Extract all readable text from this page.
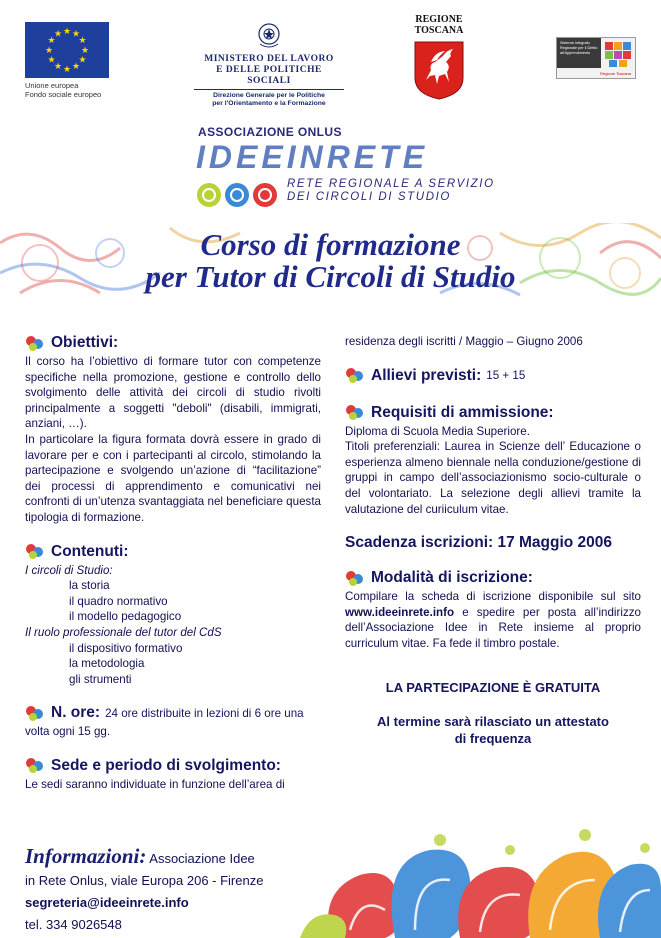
★ ★
★
★
★
★
★
★
★
★
★
★
Unione europea
Fondo sociale europeo
MINISTERO DEL LAVORO
E DELLE POLITICHE SOCIALI
Direzione Generale per le Politiche
per l'Orientamento e la Formazione
REGIONE
TOSCANA
Sistema Integrato Regionale per il Diritto all'Apprendimento
Regione Toscana
ASSOCIAZIONE ONLUS
IDEEINRETE
RETE REGIONALE A SERVIZIO
DEI CIRCOLI DI STUDIO
Corso di formazione
per Tutor di Circoli di Studio
Obiettivi:
Il corso ha l’obiettivo di formare tutor con competenze specifiche nella promozione, gestione e controllo dello svolgimento delle attività dei circoli di studio rivolti principalmente a soggetti "deboli" (disabili, immigrati, anziani, …).
In particolare la figura formata dovrà essere in grado di lavorare per e con i partecipanti al circolo, stimolando la partecipazione e svolgendo un’azione di “facilitazione” dei processi di apprendimento e comunicativi nei confronti di un’utenza svantaggiata nel beneficiare questa tipologia di formazione.
Contenuti:
I circoli di Studio:
la storia
il quadro normativo
il modello pedagogico
Il ruolo professionale del tutor del CdS
il dispositivo formativo
la metodologia
gli strumenti
N. ore: 24 ore distribuite in lezioni di 6 ore una
volta ogni 15 gg.
Sede e periodo di svolgimento:
Le sedi saranno individuate in funzione dell’area di
residenza degli iscritti / Maggio – Giugno 2006
Allievi previsti: 15 + 15
Requisiti di ammissione:
Diploma di Scuola Media Superiore.
Titoli preferenziali: Laurea in Scienze dell’ Educazione o esperienza almeno biennale nella conduzione/gestione di gruppi in campo dell’associazionismo socio-culturale o del volontariato. La selezione degli allievi tramite la valutazione del curiiculum vitae.
Scadenza iscrizioni: 17 Maggio 2006
Modalità di iscrizione:
Compilare la scheda di iscrizione disponibile sul sito www.ideeinrete.info e spedire per posta all’indirizzo dell’Associazione Idee in Rete insieme al proprio curriculum vitae. Fa fede il timbro postale.
LA PARTECIPAZIONE È GRATUITA
Al termine sarà rilasciato un attestato
di frequenza
Informazioni: Associazione Idee
in Rete Onlus, viale Europa 206 - Firenze
segreteria@ideeinrete.info
tel. 334 9026548
